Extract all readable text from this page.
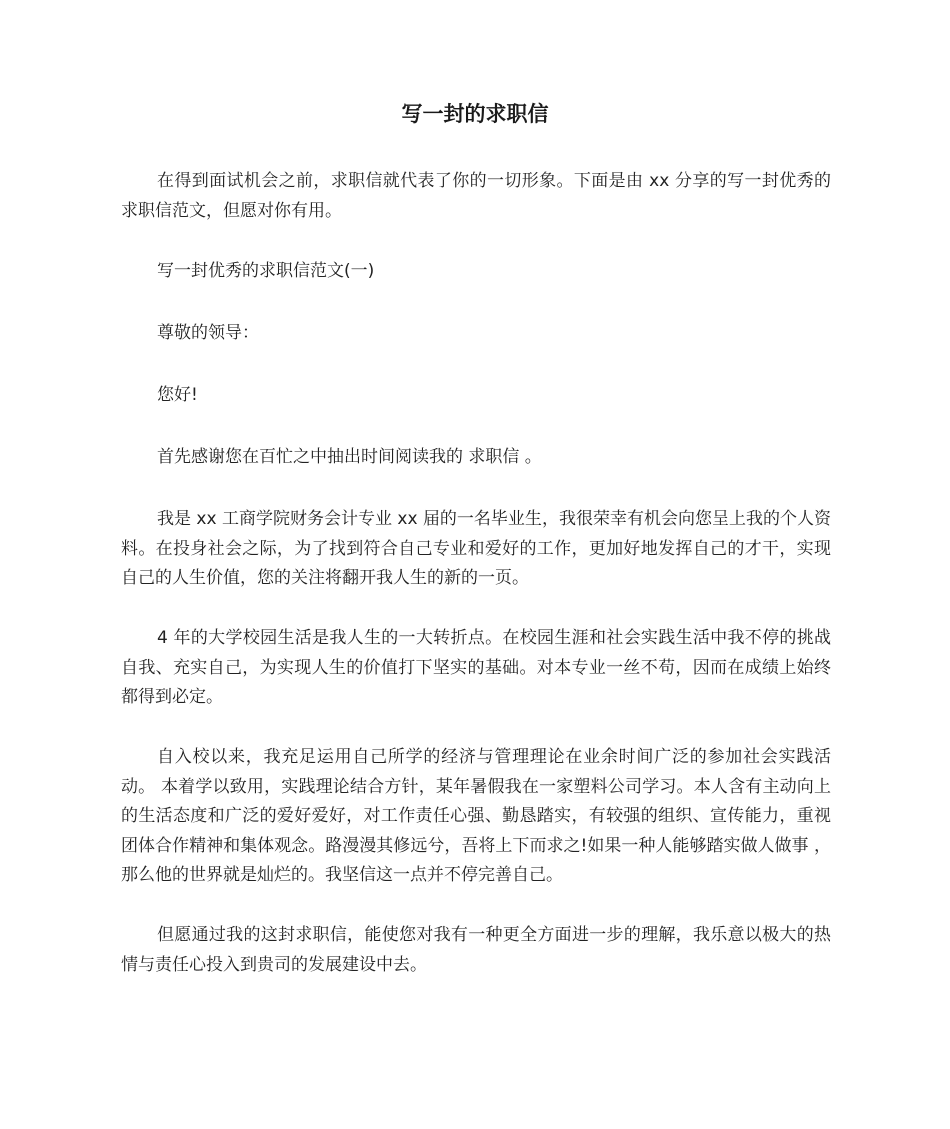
写一封的求职信

在得到面试机会之前，求职信就代表了你的一切形象。下面是由 xx 分享的写一封优秀的求职信范文，但愿对你有用。

写一封优秀的求职信范文(一)

尊敬的领导：

您好!

首先感谢您在百忙之中抽出时间阅读我的 求职信 。

我是 xx 工商学院财务会计专业 xx 届的一名毕业生，我很荣幸有机会向您呈上我的个人资料。在投身社会之际，为了找到符合自己专业和爱好的工作，更加好地发挥自己的才干，实现自己的人生价值，您的关注将翻开我人生的新的一页。

4 年的大学校园生活是我人生的一大转折点。在校园生涯和社会实践生活中我不停的挑战自我、充实自己，为实现人生的价值打下坚实的基础。对本专业一丝不苟，因而在成绩上始终都得到必定。

自入校以来，我充足运用自己所学的经济与管理理论在业余时间广泛的参加社会实践活动。 本着学以致用，实践理论结合方针，某年暑假我在一家塑料公司学习。本人含有主动向上的生活态度和广泛的爱好爱好，对工作责任心强、勤恳踏实，有较强的组织、宣传能力，重视团体合作精神和集体观念。路漫漫其修远兮，吾将上下而求之!如果一种人能够踏实做人做事 ，那么他的世界就是灿烂的。我坚信这一点并不停完善自己。

但愿通过我的这封求职信，能使您对我有一种更全方面进一步的理解，我乐意以极大的热情与责任心投入到贵司的发展建设中去。
